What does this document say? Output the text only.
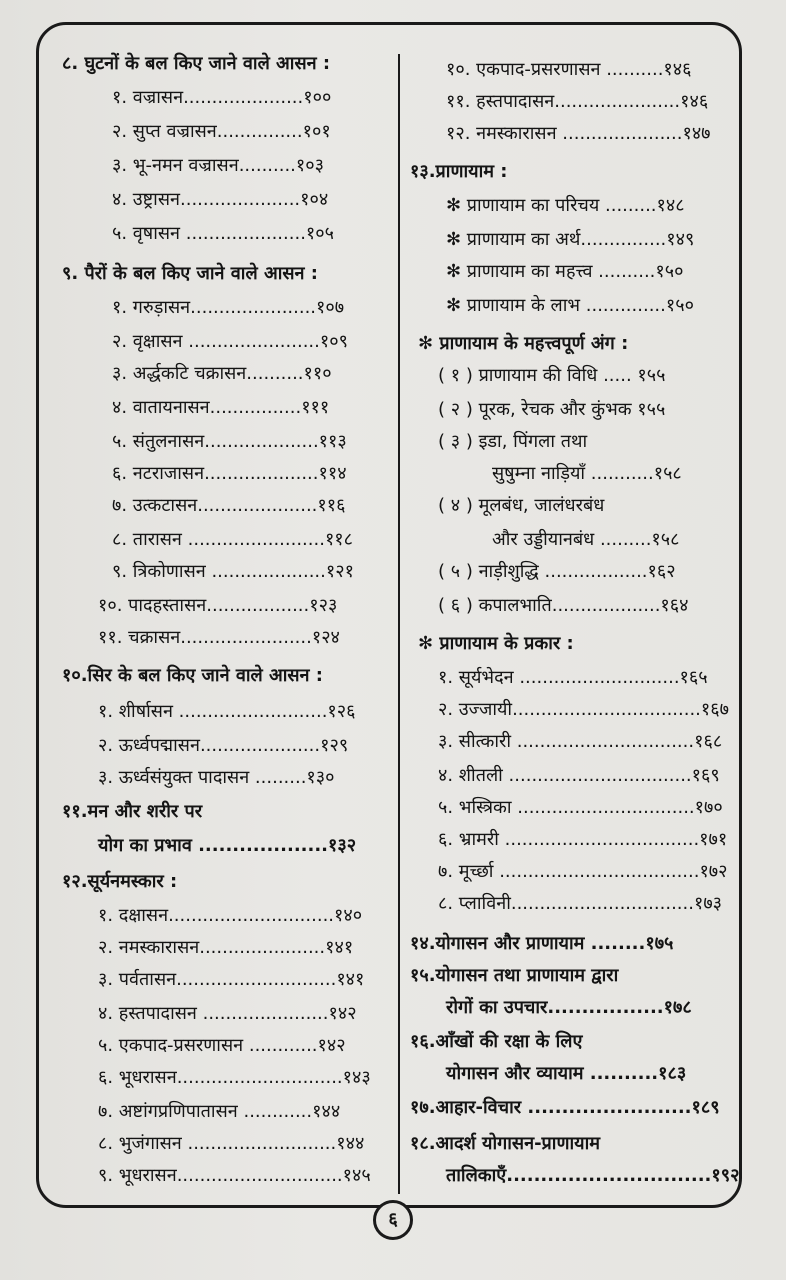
८. घुटनों के बल किए जाने वाले आसन :
१. वज्रासन.....................१००
२. सुप्त वज्रासन...............१०१
३. भू-नमन वज्रासन..........१०३
४. उष्ट्रासन.....................१०४
५. वृषासन .....................१०५
९. पैरों के बल किए जाने वाले आसन :
१. गरुड़ासन......................१०७
२. वृक्षासन .......................१०९
३. अर्द्धकटि चक्रासन..........११०
४. वातायनासन................१११
५. संतुलनासन....................११३
६. नटराजासन....................११४
७. उत्कटासन.....................११६
८. तारासन ........................११८
९. त्रिकोणासन ....................१२१
१०. पादहस्तासन..................१२३
११. चक्रासन.......................१२४
१०.सिर के बल किए जाने वाले आसन :
१. शीर्षासन ..........................१२६
२. ऊर्ध्वपद्मासन.....................१२९
३. ऊर्ध्वसंयुक्त पादासन .........१३०
११.मन और शरीर पर
योग का प्रभाव ...................१३२
१२.सूर्यनमस्कार :
१. दक्षासन.............................१४०
२. नमस्कारासन......................१४१
३. पर्वतासन............................१४१
४. हस्तपादासन ......................१४२
५. एकपाद-प्रसरणासन ............१४२
६. भूधरासन.............................१४३
७. अष्टांगप्रणिपातासन ............१४४
८. भुजंगासन ..........................१४४
९. भूधरासन.............................१४५
१०. एकपाद-प्रसरणासन ..........१४६
११. हस्तपादासन......................१४६
१२. नमस्कारासन .....................१४७
१३.प्राणायाम :
✻ प्राणायाम का परिचय .........१४८
✻ प्राणायाम का अर्थ...............१४९
✻ प्राणायाम का महत्त्व ..........१५०
✻ प्राणायाम के लाभ ..............१५०
✻ प्राणायाम के महत्त्वपूर्ण अंग :
( १ ) प्राणायाम की विधि ..... १५५
( २ ) पूरक, रेचक और कुंभक १५५
( ३ ) इडा, पिंगला तथा
सुषुम्ना नाड़ियाँ ...........१५८
( ४ ) मूलबंध, जालंधरबंध
और उड्डीयानबंध .........१५८
( ५ ) नाड़ीशुद्धि ..................१६२
( ६ ) कपालभाति...................१६४
✻ प्राणायाम के प्रकार :
१. सूर्यभेदन ............................१६५
२. उज्जायी.................................१६७
३. सीत्कारी ...............................१६८
४. शीतली ................................१६९
५. भस्त्रिका ...............................१७०
६. भ्रामरी ..................................१७१
७. मूर्च्छा ...................................१७२
८. प्लाविनी................................१७३
१४.योगासन और प्राणायाम ........१७५
१५.योगासन तथा प्राणायाम द्वारा
रोगों का उपचार.................१७८
१६.आँखों की रक्षा के लिए
योगासन और व्यायाम ..........१८३
१७.आहार-विचार ........................१८९
१८.आदर्श योगासन-प्राणायाम
तालिकाएँ..............................१९२
६
